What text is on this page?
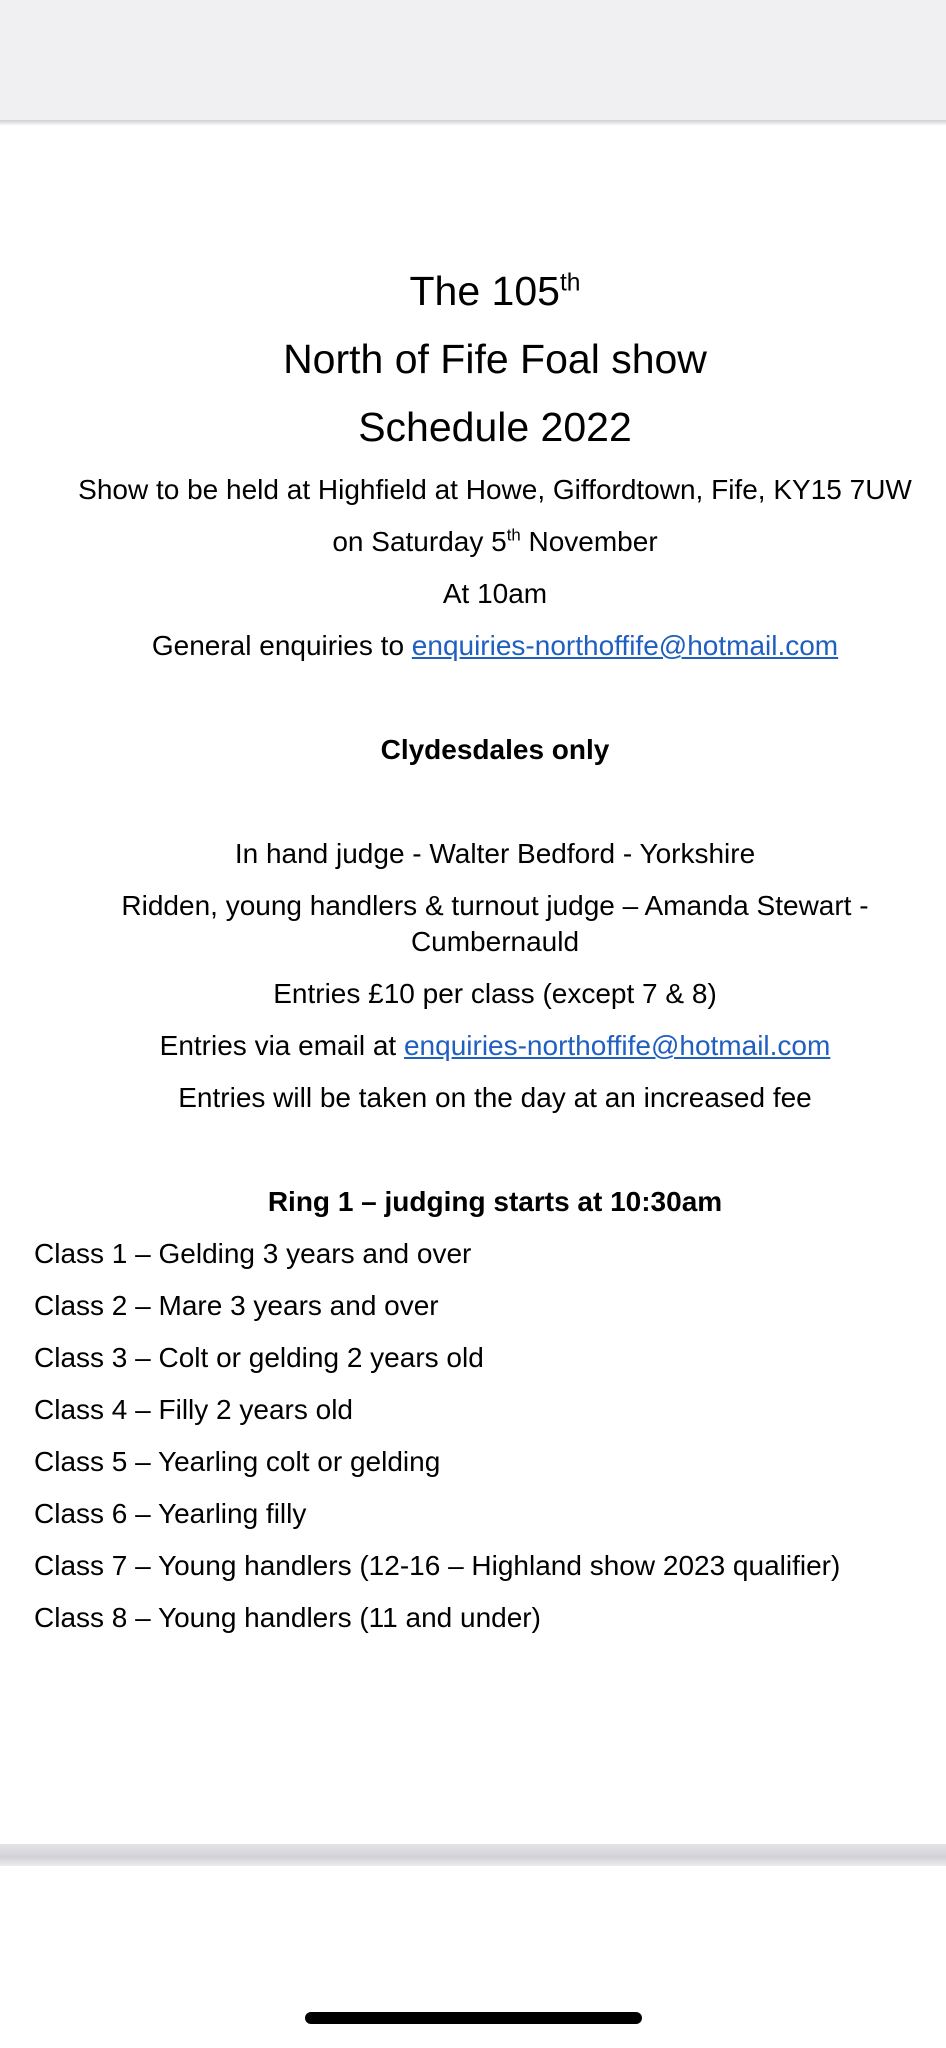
The 105th
North of Fife Foal show
Schedule 2022
Show to be held at Highfield at Howe, Giffordtown, Fife, KY15 7UW
on Saturday 5th November
At 10am
General enquiries to enquiries-northoffife@hotmail.com
Clydesdales only
In hand judge - Walter Bedford - Yorkshire
Ridden, young handlers & turnout judge – Amanda Stewart -
Cumbernauld
Entries £10 per class (except 7 & 8)
Entries via email at enquiries-northoffife@hotmail.com
Entries will be taken on the day at an increased fee
Ring 1 – judging starts at 10:30am
Class 1 – Gelding 3 years and over
Class 2 – Mare 3 years and over
Class 3 – Colt or gelding 2 years old
Class 4 – Filly 2 years old
Class 5 – Yearling colt or gelding
Class 6 – Yearling filly
Class 7 – Young handlers (12-16 – Highland show 2023 qualifier)
Class 8 – Young handlers (11 and under)
